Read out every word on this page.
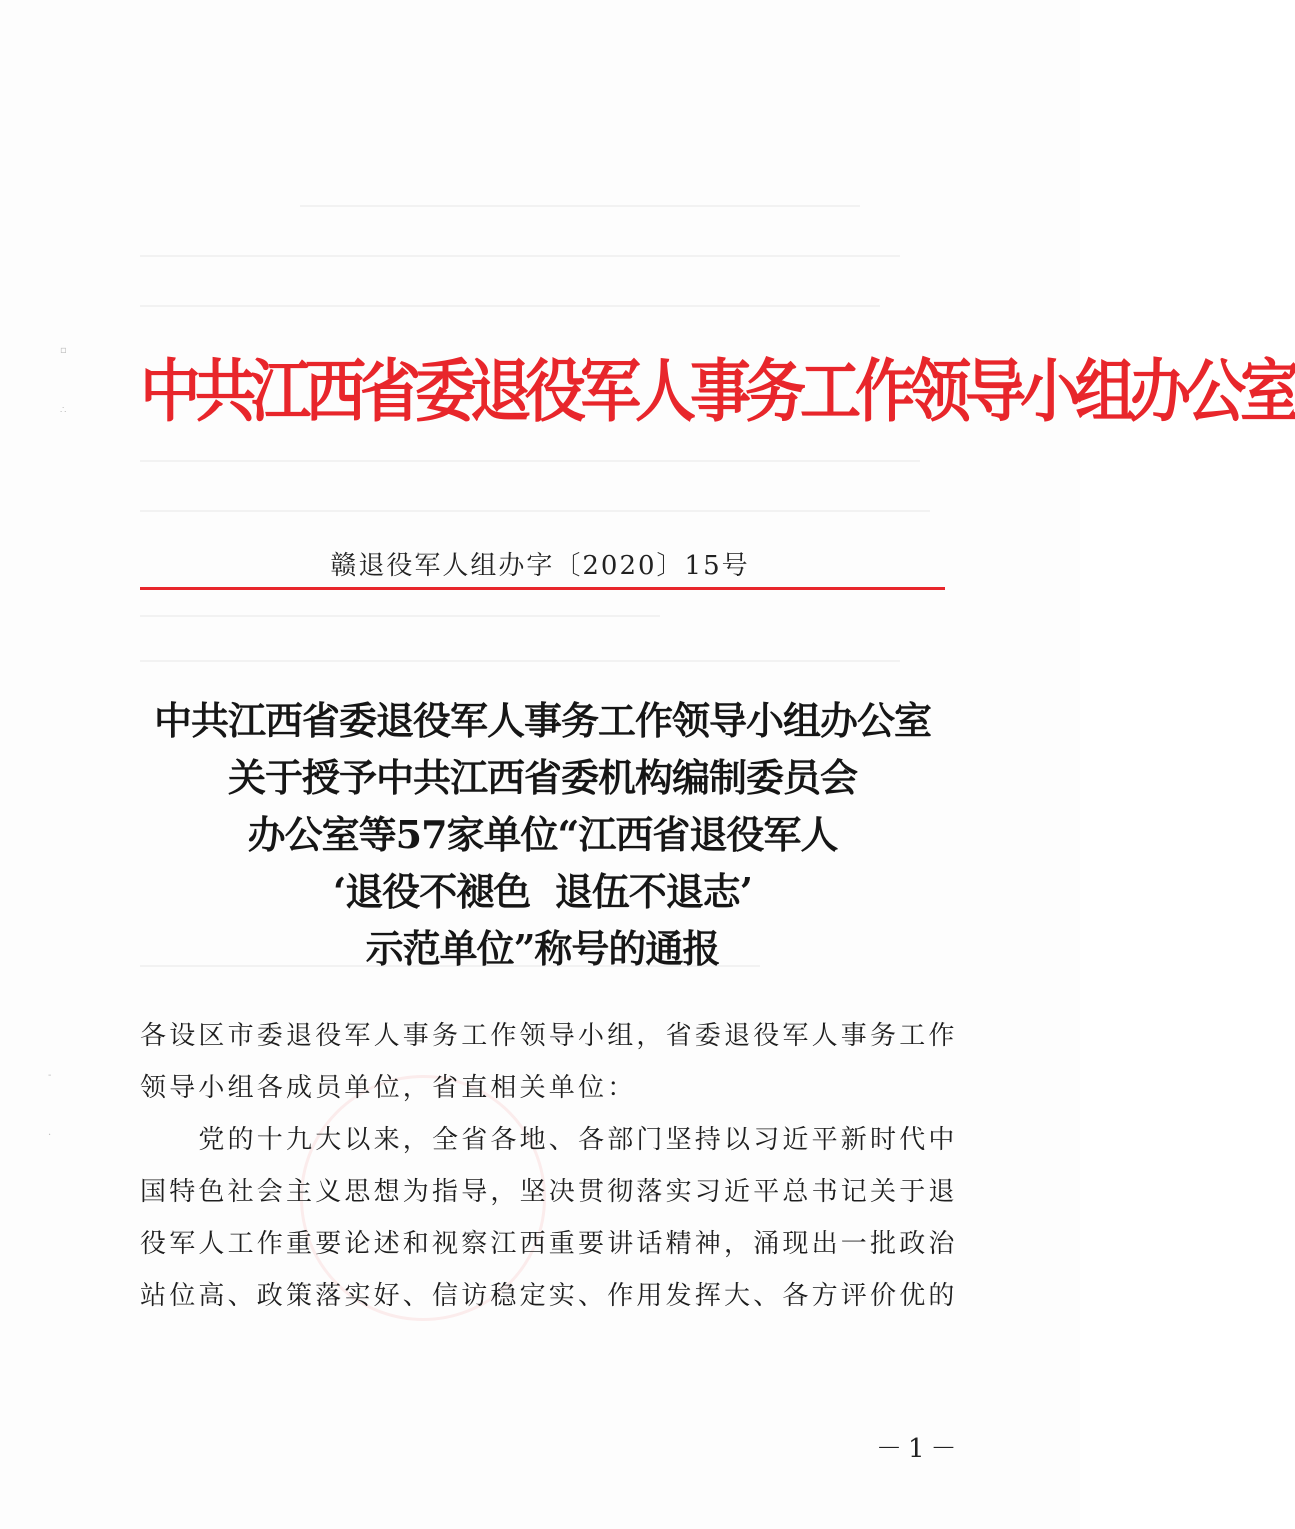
▫
∴
‐
·
中共江西省委退役军人事务工作领导小组办公室
赣退役军人组办字〔2020〕15号
中共江西省委退役军人事务工作领导小组办公室
关于授予中共江西省委机构编制委员会
办公室等57家单位“江西省退役军人
‘退役不褪色  退伍不退志’
示范单位”称号的通报
各设区市委退役军人事务工作领导小组，省委退役军人事务工作
领导小组各成员单位，省直相关单位：
　　党的十九大以来，全省各地、各部门坚持以习近平新时代中
国特色社会主义思想为指导，坚决贯彻落实习近平总书记关于退
役军人工作重要论述和视察江西重要讲话精神，涌现出一批政治
站位高、政策落实好、信访稳定实、作用发挥大、各方评价优的
－1－
